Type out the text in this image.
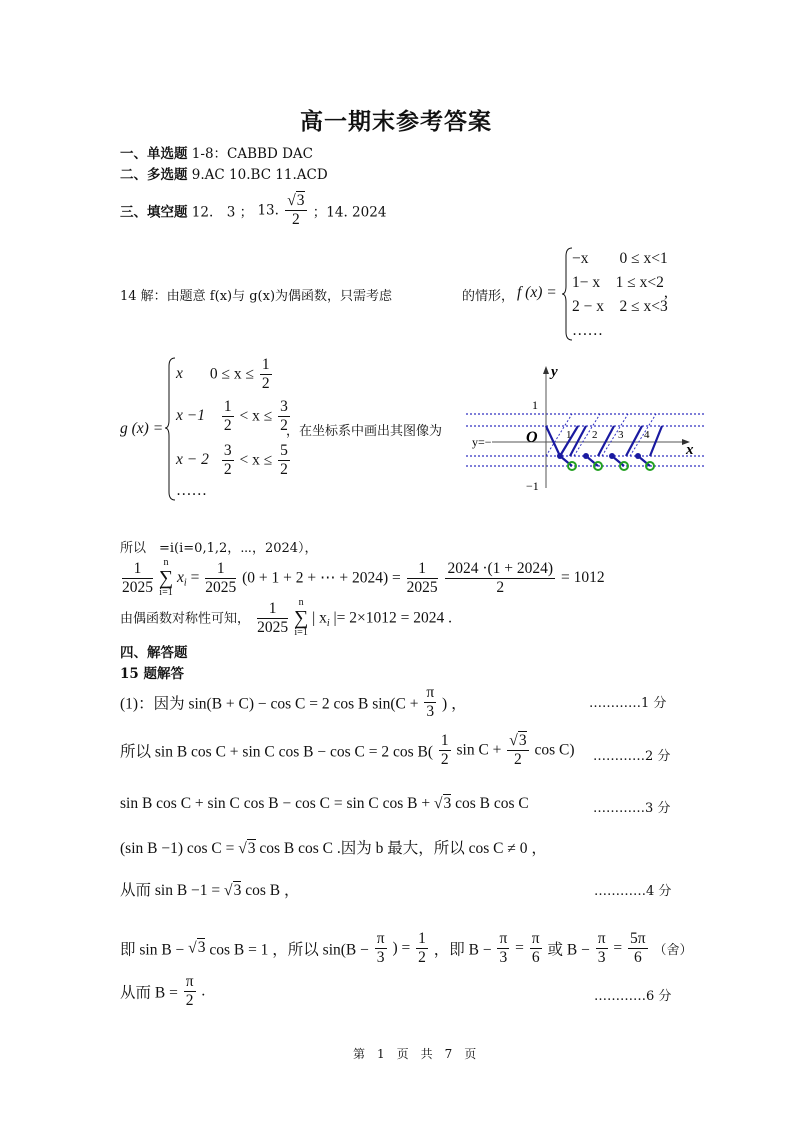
高一期末参考答案
一、单选题 1-8：CABBD DAC
二、多选题 9.AC 10.BC 11.ACD
三、填空题 12.　3 ； 13. $\frac{√3}{2}$ ；14. 2024
14 解：由题意 f(x)与 g(x)为偶函数，只需考虑	的情形， f (x) =
−x　　0 ≤ x<1
1− x　1 ≤ x<2
2 − x　2 ≤ x<3
……
,
g (x) =
x $0 \le x \le \frac{1}{2}$
$x -1 \frac{1}{2} < x \le \frac{3}{2}$
$x - 2 \frac{3}{2} < x \le \frac{5}{2}$
……
，在坐标系中画出其图像为
y
x
O
1
−1
y=−	1 2 3 4
所以　=i(i=0,1,2，⋯，2024），
$\frac{1}{2025}$
	n
∑
i=1
$x_i = \frac{1}{2025} (0 + 1 + 2$ + ⋯ + $2024) = \frac{1}{2025}$
$\frac{2024 \cdot(1 + 2024)}{2} = 1012$
由偶函数对称性可知， $\frac{1}{2025}$
	n
∑
i=1
| $x_i$ |= 2×1012 = 2024 .
四、解答题
15 题解答
(1)：因为 sin(B + C) − cos C = 2 cos B $\sin(C + \frac{\pi}{3}$ ) ，	…………1 分
所以 sin B cos C + sin C cos B − cos C = 2 $\cos B( \frac{1}{2}$ $\sin C + \frac{√3}{2}$ cos C) …………2 分
sin B cos C + sin C cos B − cos C = sin C cos B + √3 cos B cos C	…………3 分
(sin B −1) cos C = √3 cos B cos C .因为 b 最大，所以 cos C ≠ 0 ，
从而 sin B −1 = √3 cos B ，	…………4 分
即 sin B − √3 cos B = 1 ，所以 $\sin(B - \frac{\pi}{3}$ ) = $\frac{1}{2}$ ，即 $B - \frac{\pi}{3} = \frac{\pi}{6}$ 或 $B - \frac{\pi}{3} = \frac{5\pi}{6}$ （舍）
从而 $B = \frac{\pi}{2}$ .	…………6 分
第　1　页　共　7　页
